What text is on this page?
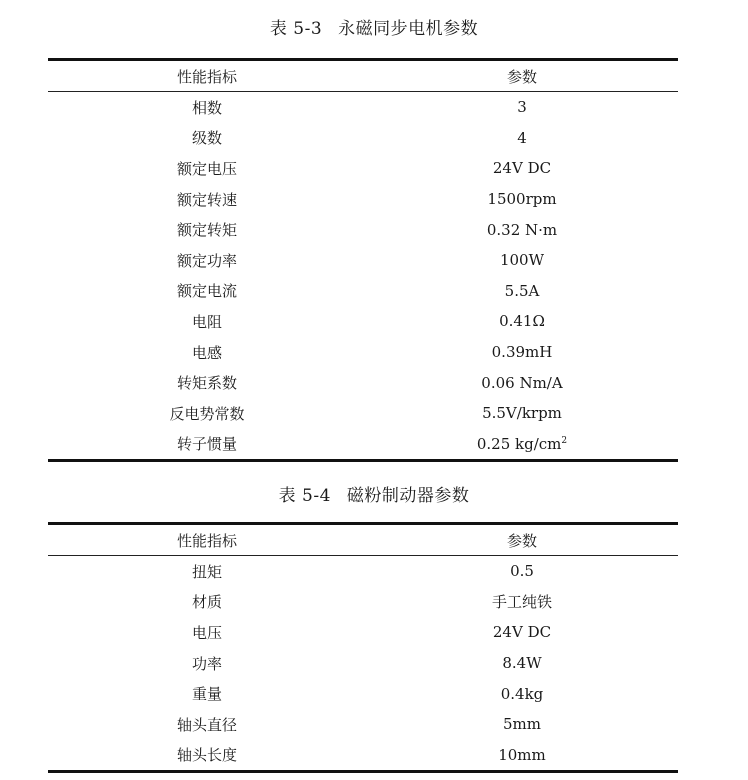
表 5-3 永磁同步电机参数
性能指标	参数
相数	3
级数	4
额定电压	24V DC
额定转速	1500rpm
额定转矩	0.32 N·m
额定功率	100W
额定电流	5.5A
电阻	0.41Ω
电感	0.39mH
转矩系数	0.06 Nm/A
反电势常数	5.5V/krpm
转子惯量	0.25 $kg/cm^2$
表 5-4 磁粉制动器参数
性能指标	参数
扭矩	0.5
材质	手工纯铁
电压	24V DC
功率	8.4W
重量	0.4kg
轴头直径	5mm
轴头长度	10mm
